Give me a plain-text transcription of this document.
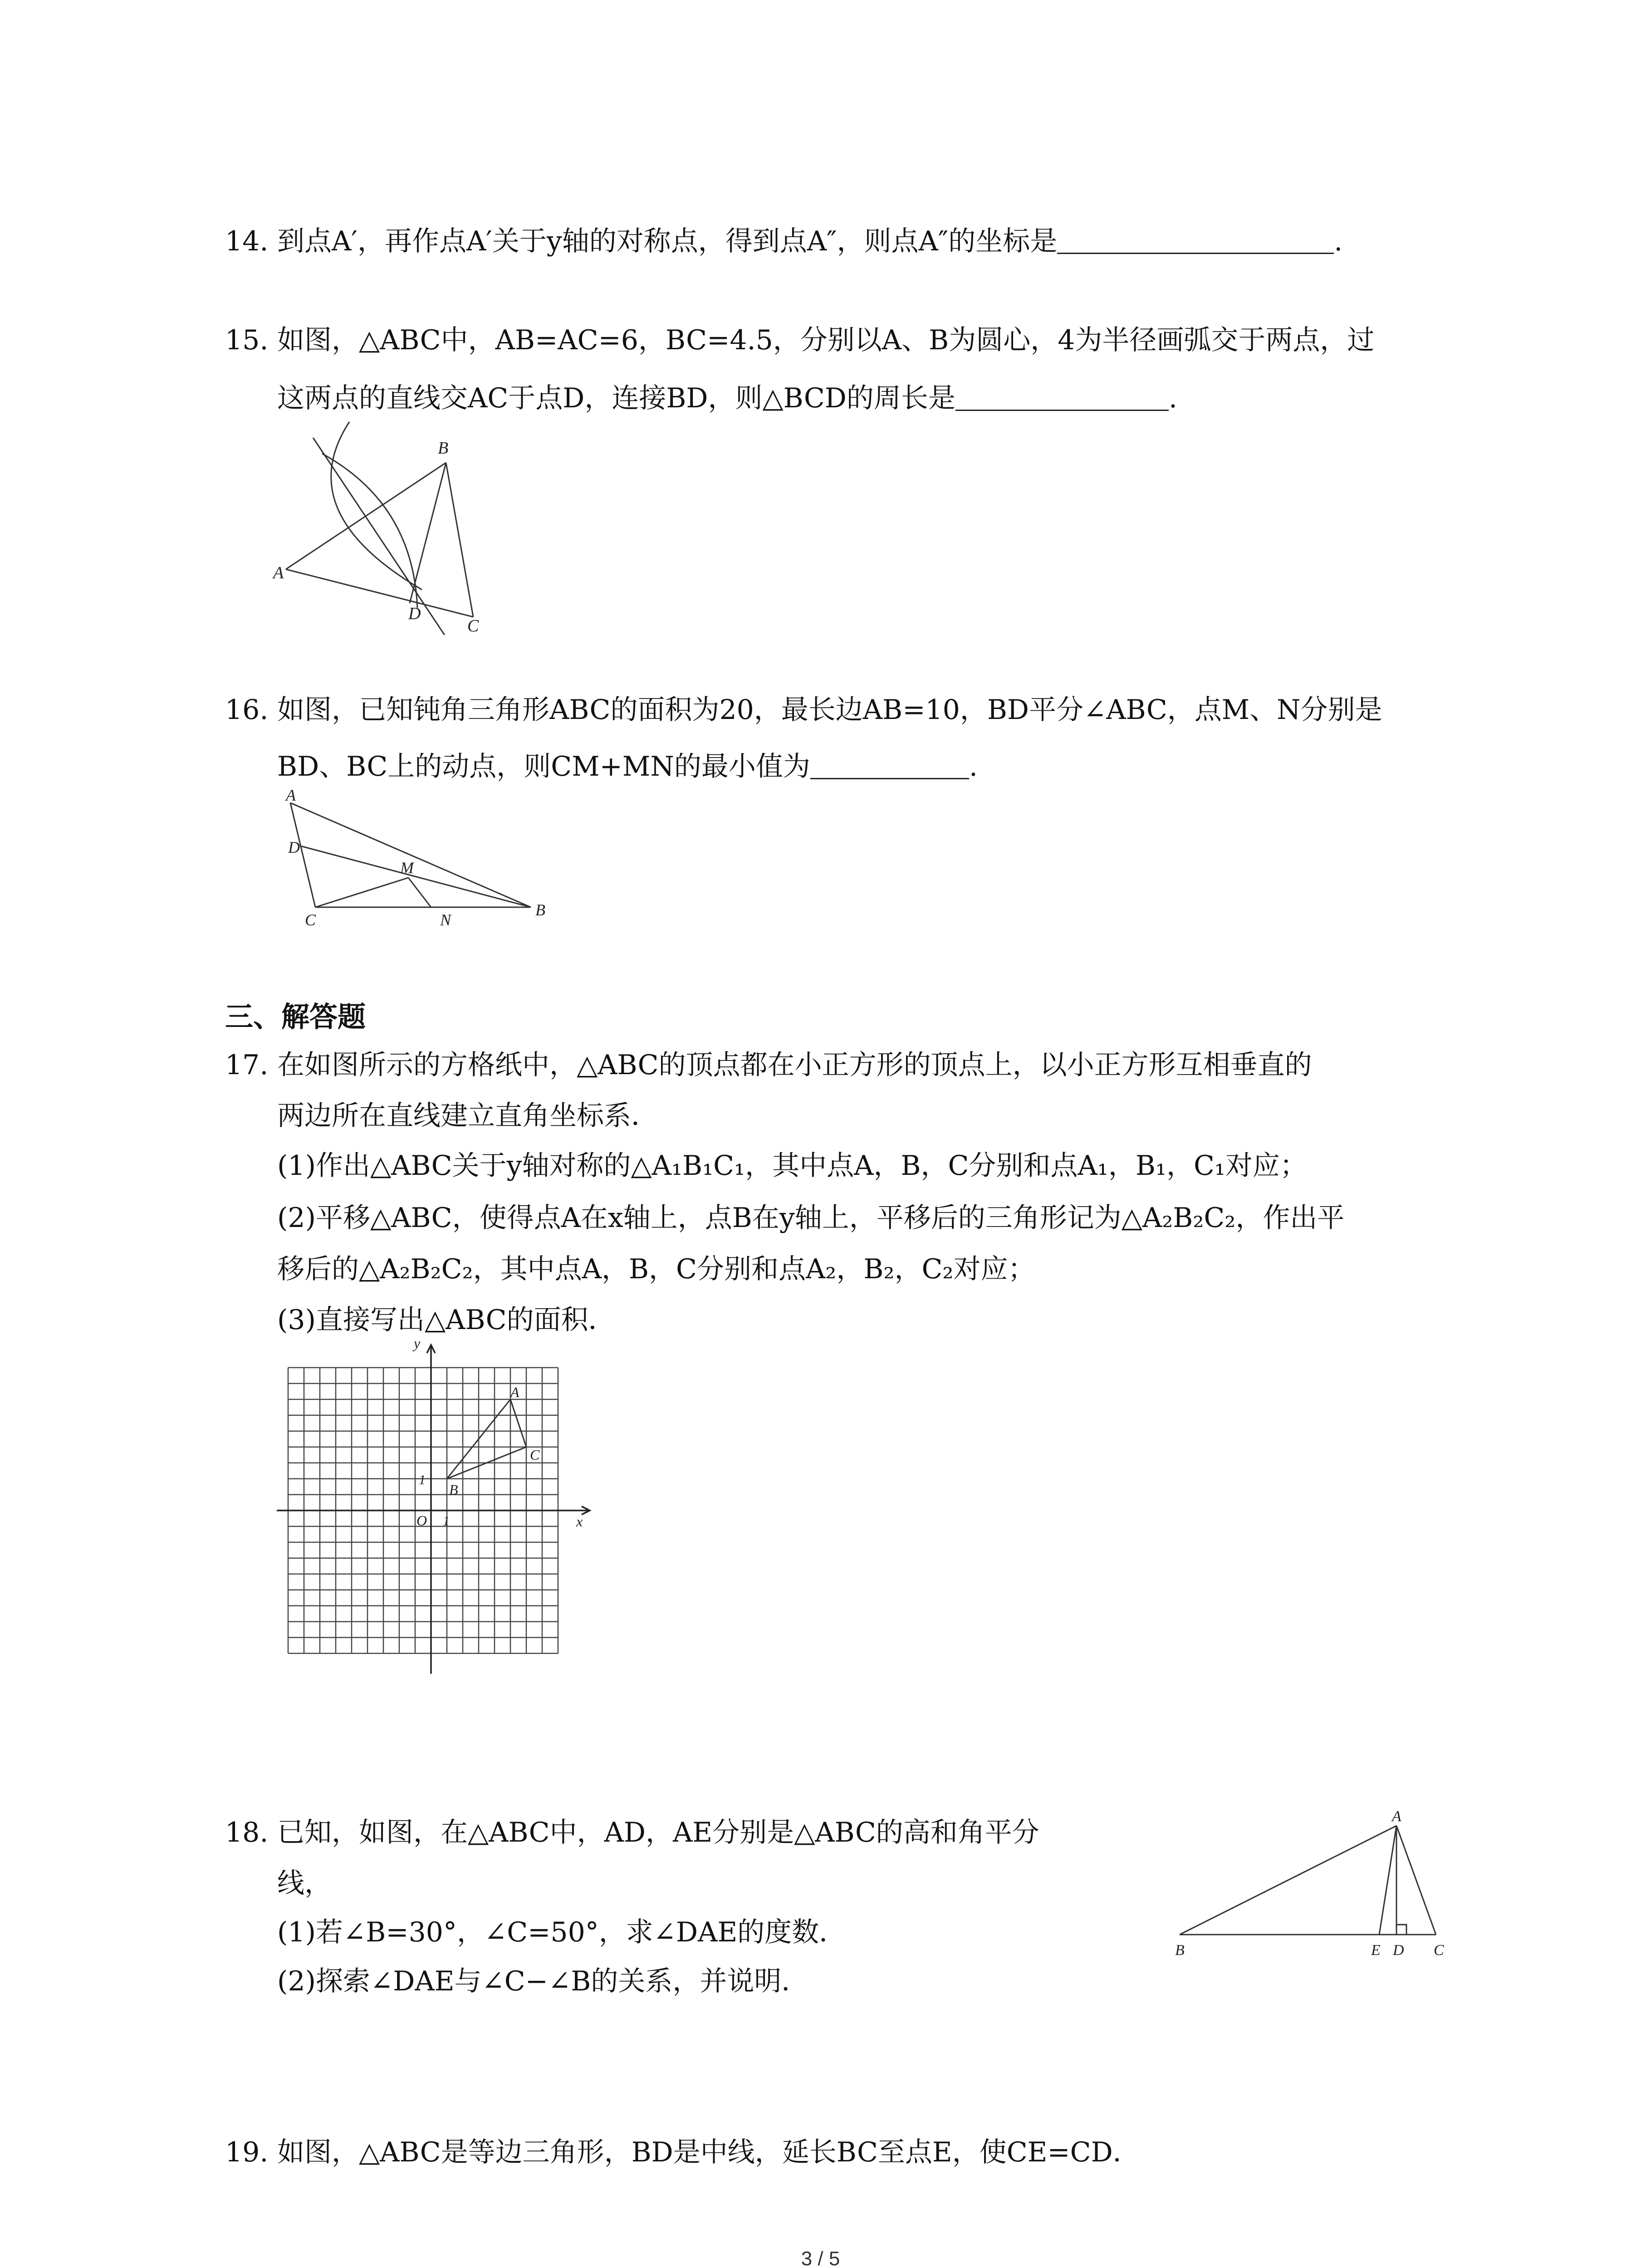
14. 到点A′，再作点A′关于y轴的对称点，得到点A″，则点A″的坐标是	.
15. 如图，△ABC中，AB=AC=6，BC=4.5，分别以A、B为圆心，4为半径画弧交于两点，过
这两点的直线交AC于点D，连接BD，则△BCD的周长是	.
A
B
C
D
16. 如图，已知钝角三角形ABC的面积为20，最长边AB=10，BD平分∠ABC，点M、N分别是
BD、BC上的动点，则CM+MN的最小值为	.
A
D
M
C	N
B
三、解答题
17. 在如图所示的方格纸中，△ABC的顶点都在小正方形的顶点上，以小正方形互相垂直的
两边所在直线建立直角坐标系．
(1)作出△ABC关于y轴对称的△A₁B₁C₁，其中点A，B，C分别和点A₁，B₁，C₁对应；
(2)平移△ABC，使得点A在x轴上，点B在y轴上，平移后的三角形记为△A₂B₂C₂，作出平
移后的△A₂B₂C₂，其中点A，B，C分别和点A₂，B₂，C₂对应；
(3)直接写出△ABC的面积．
y
x
O 1
1
A
B
C
18. 已知，如图，在△ABC中，AD，AE分别是△ABC的高和角平分
线，
(1)若∠B=30°，∠C=50°，求∠DAE的度数．
(2)探索∠DAE与∠C−∠B的关系，并说明．
A
B	E D C
19. 如图，△ABC是等边三角形，BD是中线，延长BC至点E，使CE=CD．
3 / 5
